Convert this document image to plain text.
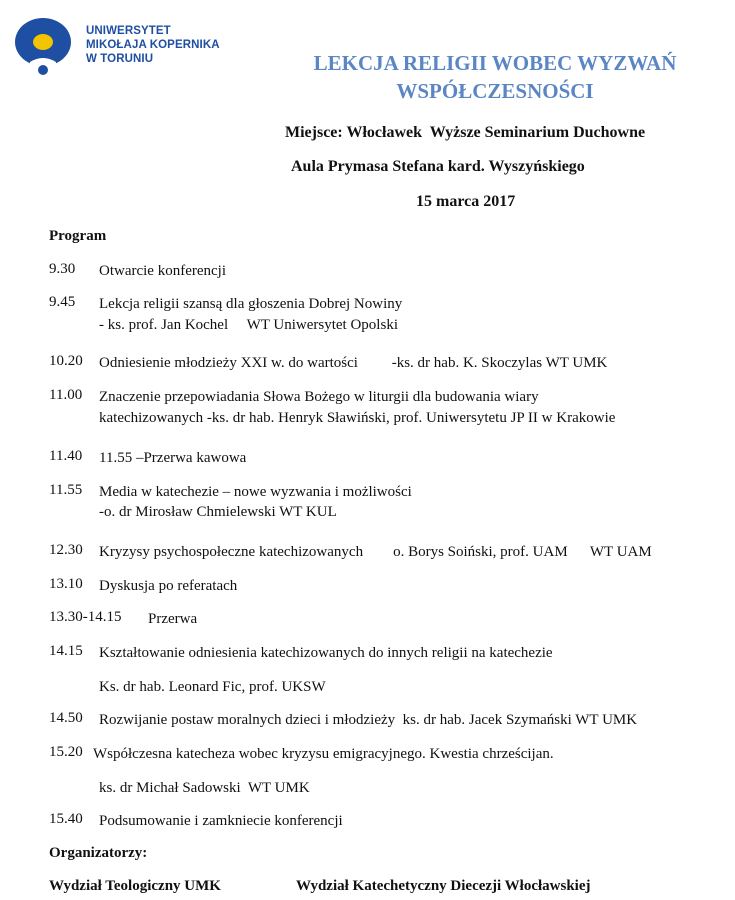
UNIWERSYTET
MIKOŁAJA KOPERNIKA
W TORUNIU	LEKCJA RELIGII WOBEC WYZWAŃ
WSPÓŁCZESNOŚCI
Miejsce: Włocławek  Wyższe Seminarium Duchowne
Aula Prymasa Stefana kard. Wyszyńskiego
15 marca 2017
Program
9.30 Otwarcie konferencji
9.45 Lekcja religii szansą dla głoszenia Dobrej Nowiny
- ks. prof. Jan Kochel     WT Uniwersytet Opolski
10.20 Odniesienie młodzieży XXI w. do wartości         -ks. dr hab. K. Skoczylas WT UMK
11.00 Znaczenie przepowiadania Słowa Bożego w liturgii dla budowania wiary
katechizowanych -ks. dr hab. Henryk Sławiński, prof. Uniwersytetu JP II w Krakowie
11.40 11.55 –Przerwa kawowa
11.55 Media w katechezie – nowe wyzwania i możliwości
-o. dr Mirosław Chmielewski WT KUL
12.30 Kryzysy psychospołeczne katechizowanych        o. Borys Soiński, prof. UAM      WT UAM
13.10 Dyskusja po referatach
13.30-14.15 Przerwa
14.15 Kształtowanie odniesienia katechizowanych do innych religii na katechezie
Ks. dr hab. Leonard Fic, prof. UKSW
14.50 Rozwijanie postaw moralnych dzieci i młodzieży  ks. dr hab. Jacek Szymański WT UMK
15.20 Współczesna katecheza wobec kryzysu emigracyjnego. Kwestia chrześcijan.
ks. dr Michał Sadowski  WT UMK
15.40 Podsumowanie i zamkniecie konferencji
Organizatorzy:
Wydział Teologiczny UMK	Wydział Katechetyczny Diecezji Włocławskiej
